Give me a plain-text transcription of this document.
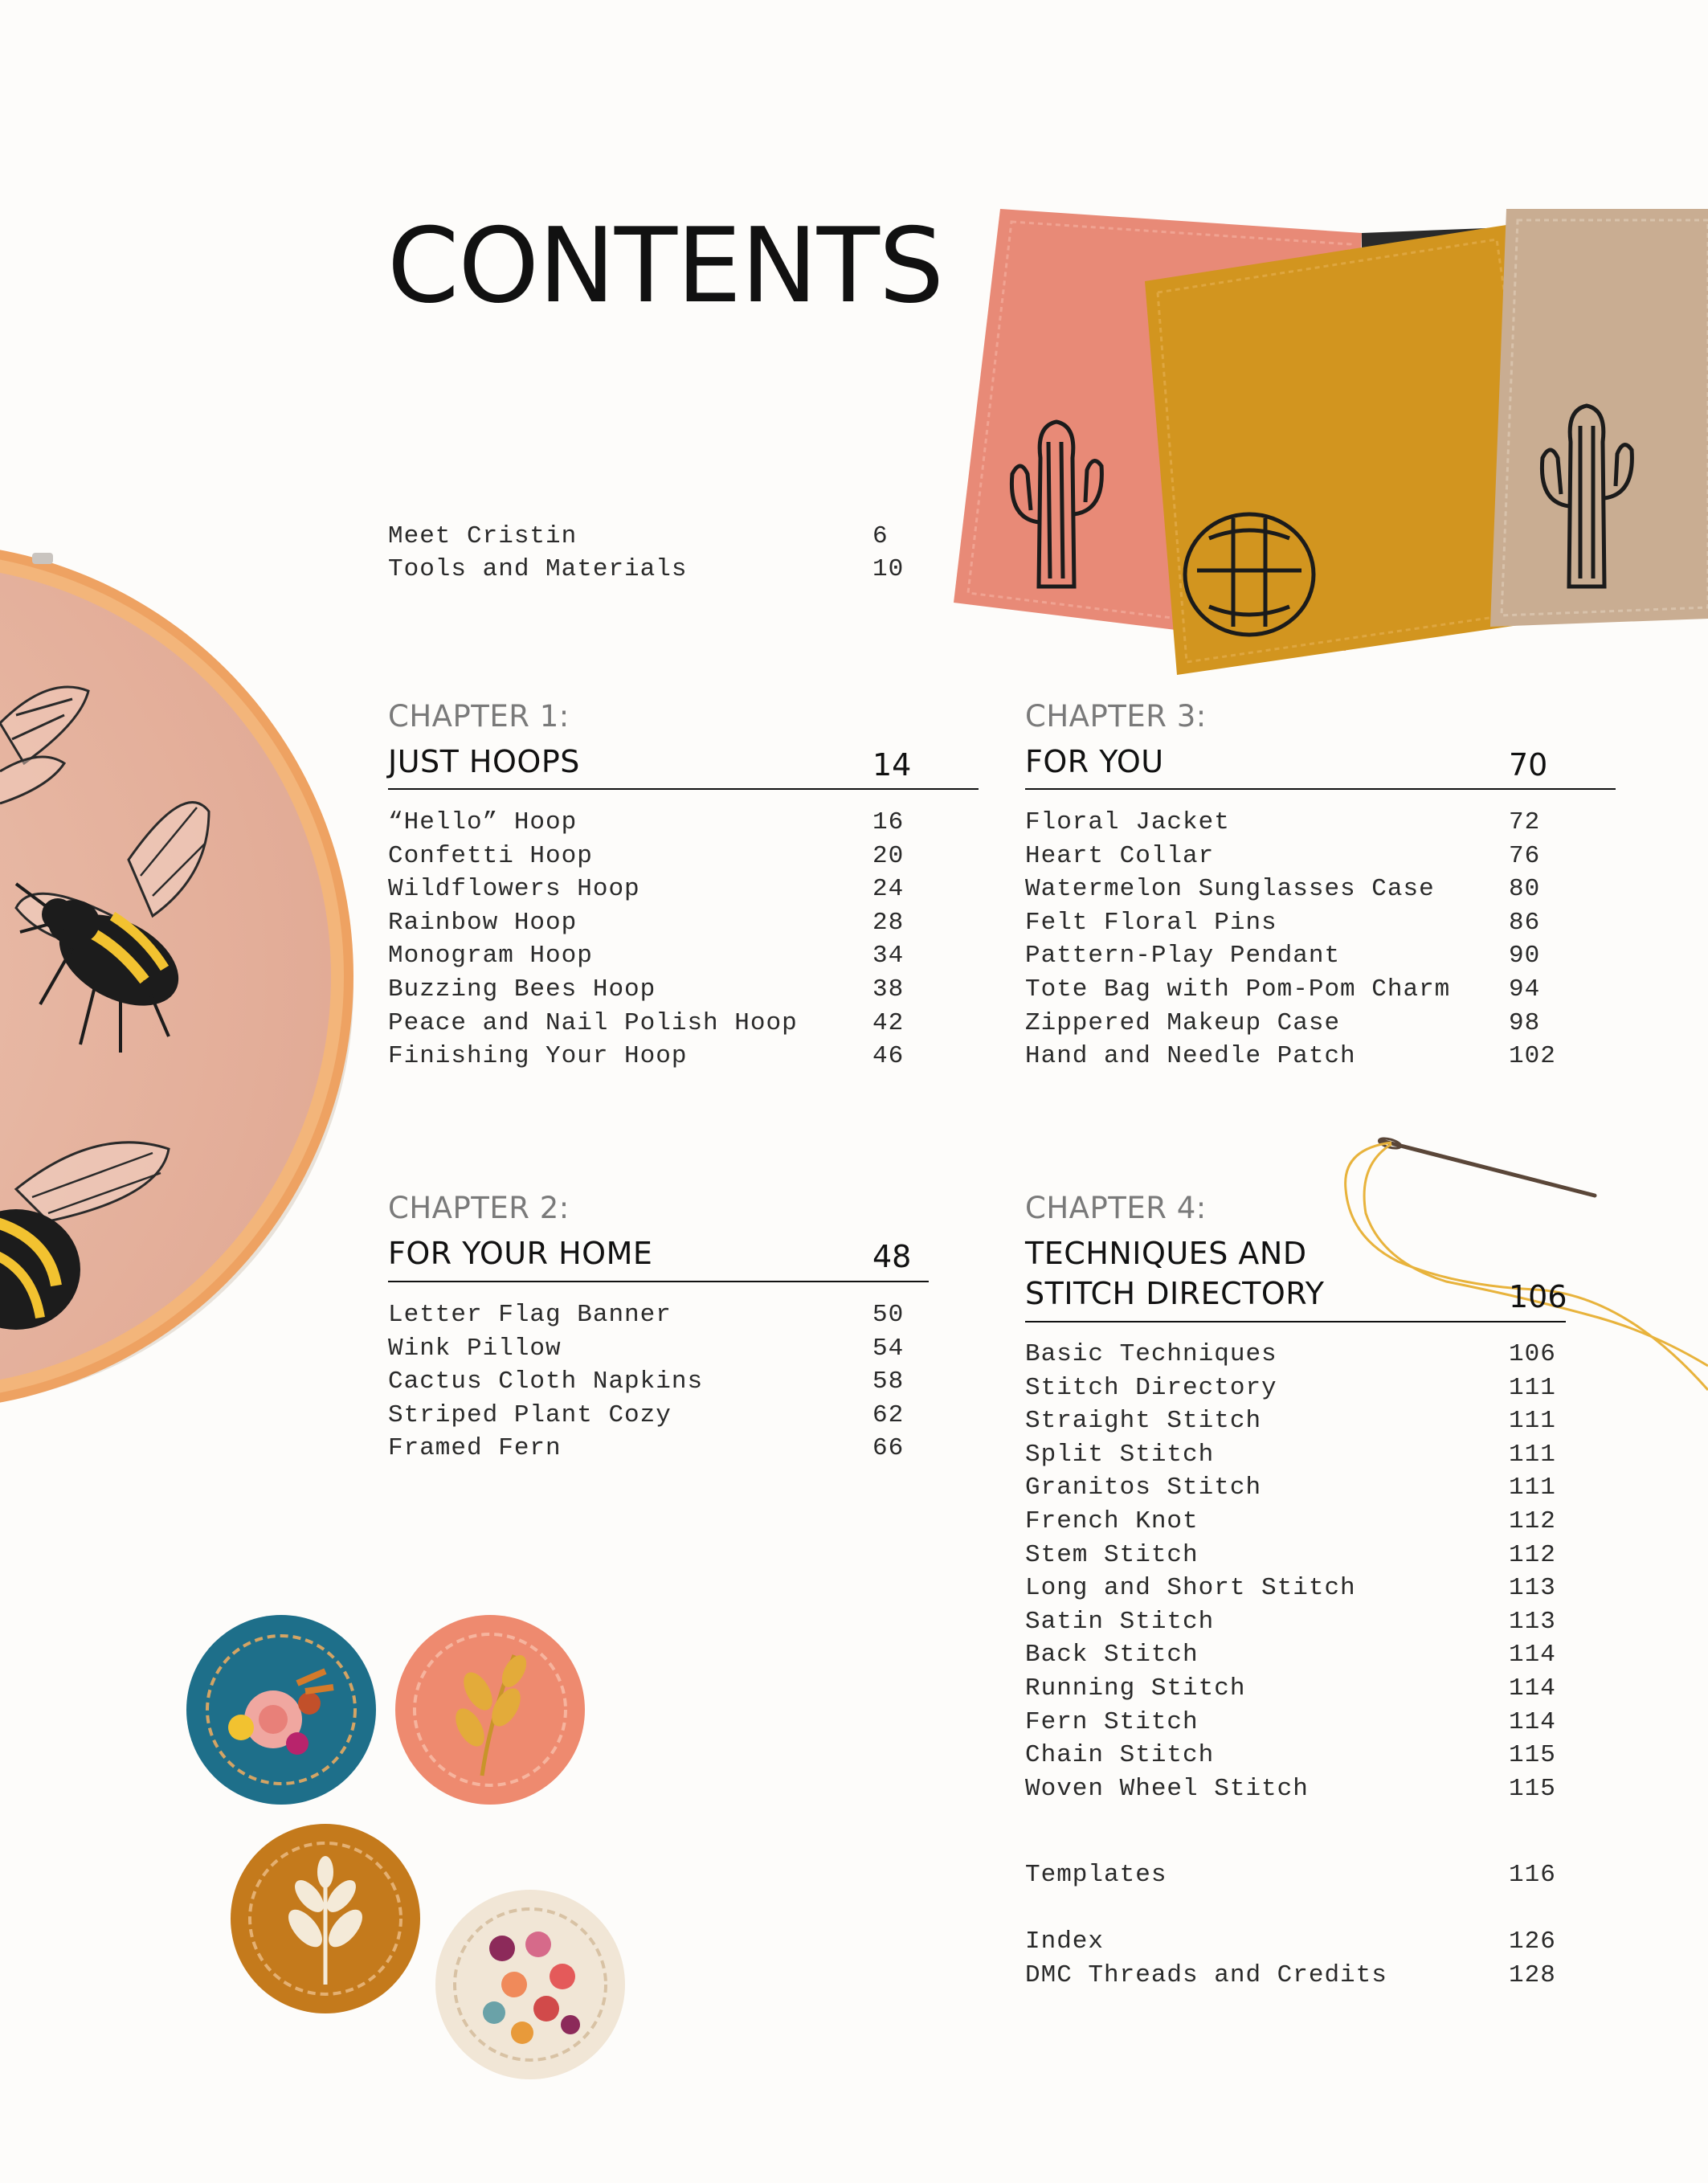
CONTENTS
Meet Cristin	6
Tools and Materials	10
CHAPTER 1:
JUST HOOPS	14
“Hello” Hoop	16
Confetti Hoop	20
Wildflowers Hoop	24
Rainbow Hoop	28
Monogram Hoop	34
Buzzing Bees Hoop	38
Peace and Nail Polish Hoop	42
Finishing Your Hoop	46
CHAPTER 2:
FOR YOUR HOME	48
Letter Flag Banner	50
Wink Pillow	54
Cactus Cloth Napkins	58
Striped Plant Cozy	62
Framed Fern	66
CHAPTER 3:
FOR YOU	70
Floral Jacket	72
Heart Collar	76
Watermelon Sunglasses Case	80
Felt Floral Pins	86
Pattern-Play Pendant	90
Tote Bag with Pom-Pom Charm 94
Zippered Makeup Case	98
Hand and Needle Patch	102
CHAPTER 4:
TECHNIQUES AND
STITCH DIRECTORY	106
Basic Techniques	106
Stitch Directory	111
Straight Stitch	111
Split Stitch	111
Granitos Stitch	111
French Knot	112
Stem Stitch	112
Long and Short Stitch	113
Satin Stitch	113
Back Stitch	114
Running Stitch	114
Fern Stitch	114
Chain Stitch	115
Woven Wheel Stitch	115
Templates	116
Index	126
DMC Threads and Credits	128
